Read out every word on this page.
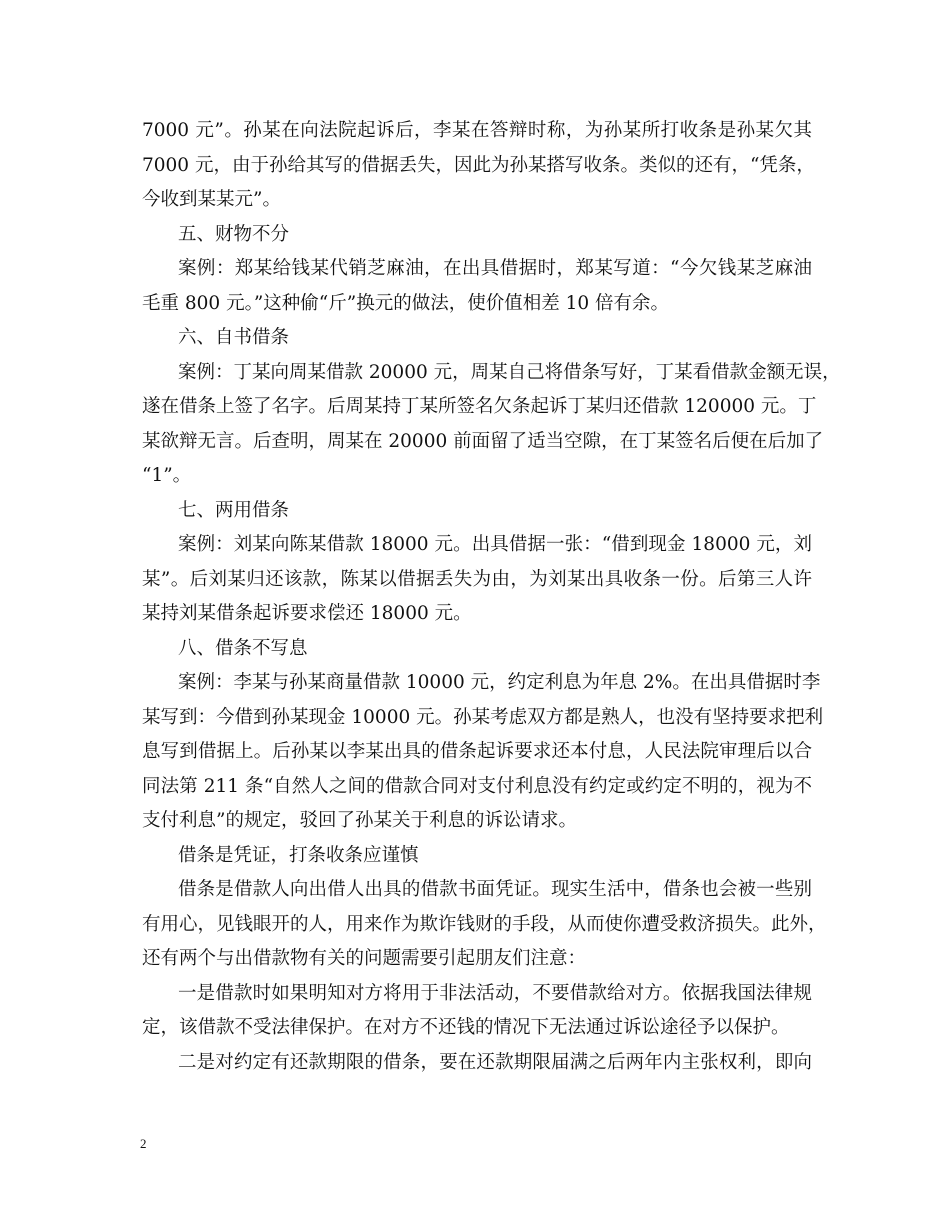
7000 元”。孙某在向法院起诉后，李某在答辩时称，为孙某所打收条是孙某欠其
7000 元，由于孙给其写的借据丢失，因此为孙某搭写收条。类似的还有，“凭条，
今收到某某元”。
五、财物不分
案例：郑某给钱某代销芝麻油，在出具借据时，郑某写道：“今欠钱某芝麻油
毛重 800 元。”这种偷“斤”换元的做法，使价值相差 10 倍有余。
六、自书借条
案例：丁某向周某借款 20000 元，周某自己将借条写好，丁某看借款金额无误，
遂在借条上签了名字。后周某持丁某所签名欠条起诉丁某归还借款 120000 元。丁
某欲辩无言。后查明，周某在 20000 前面留了适当空隙，在丁某签名后便在后加了
“1”。
七、两用借条
案例：刘某向陈某借款 18000 元。出具借据一张：“借到现金 18000 元，刘
某”。后刘某归还该款，陈某以借据丢失为由，为刘某出具收条一份。后第三人许
某持刘某借条起诉要求偿还 18000 元。
八、借条不写息
案例：李某与孙某商量借款 10000 元，约定利息为年息 2%。在出具借据时李
某写到：今借到孙某现金 10000 元。孙某考虑双方都是熟人，也没有坚持要求把利
息写到借据上。后孙某以李某出具的借条起诉要求还本付息，人民法院审理后以合
同法第 211 条“自然人之间的借款合同对支付利息没有约定或约定不明的，视为不
支付利息”的规定，驳回了孙某关于利息的诉讼请求。
借条是凭证，打条收条应谨慎
借条是借款人向出借人出具的借款书面凭证。现实生活中，借条也会被一些别
有用心，见钱眼开的人，用来作为欺诈钱财的手段，从而使你遭受救济损失。此外，
还有两个与出借款物有关的问题需要引起朋友们注意：
一是借款时如果明知对方将用于非法活动，不要借款给对方。依据我国法律规
定，该借款不受法律保护。在对方不还钱的情况下无法通过诉讼途径予以保护。
二是对约定有还款期限的借条，要在还款期限届满之后两年内主张权利，即向
2
